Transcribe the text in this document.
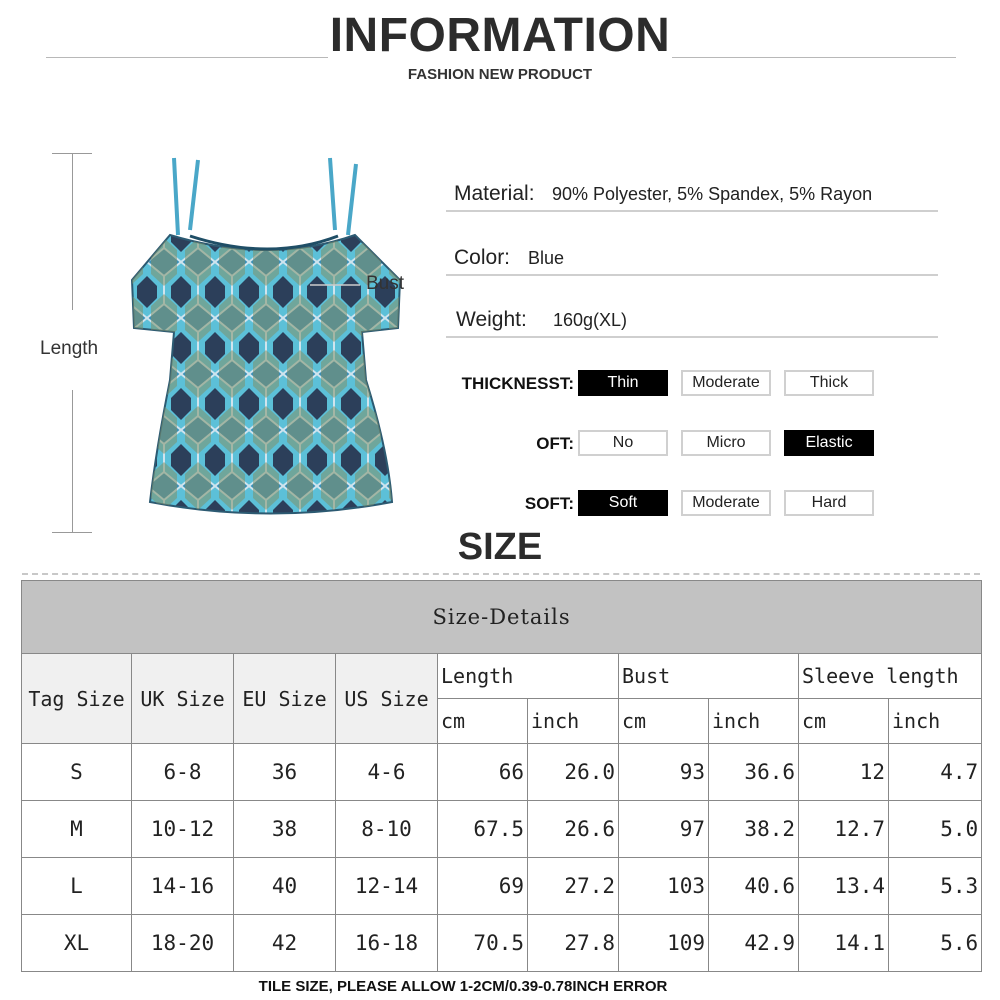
INFORMATION
FASHION NEW PRODUCT
Length
Bust
Material: 90% Polyester, 5% Spandex, 5% Rayon
Color: Blue
Weight: 160g(XL)
THICKNESST:	Thin	Moderate	Thick
OFT:	No	Micro	Elastic
SOFT:	Soft	Moderate	Hard
SIZE
Size-Details									
Tag Size	UK Size	EU Size	US Size	Length		Bust		Sleeve length	
				cm	inch	cm	inch	cm	inch
S	6-8	36	4-6	66	26.0	93	36.6	12	4.7
M	10-12	38	8-10	67.5	26.6	97	38.2	12.7	5.0
L	14-16	40	12-14	69	27.2	103	40.6	13.4	5.3
XL	18-20	42	16-18	70.5	27.8	109	42.9	14.1	5.6
TILE SIZE, PLEASE ALLOW 1-2CM/0.39-0.78INCH ERROR
